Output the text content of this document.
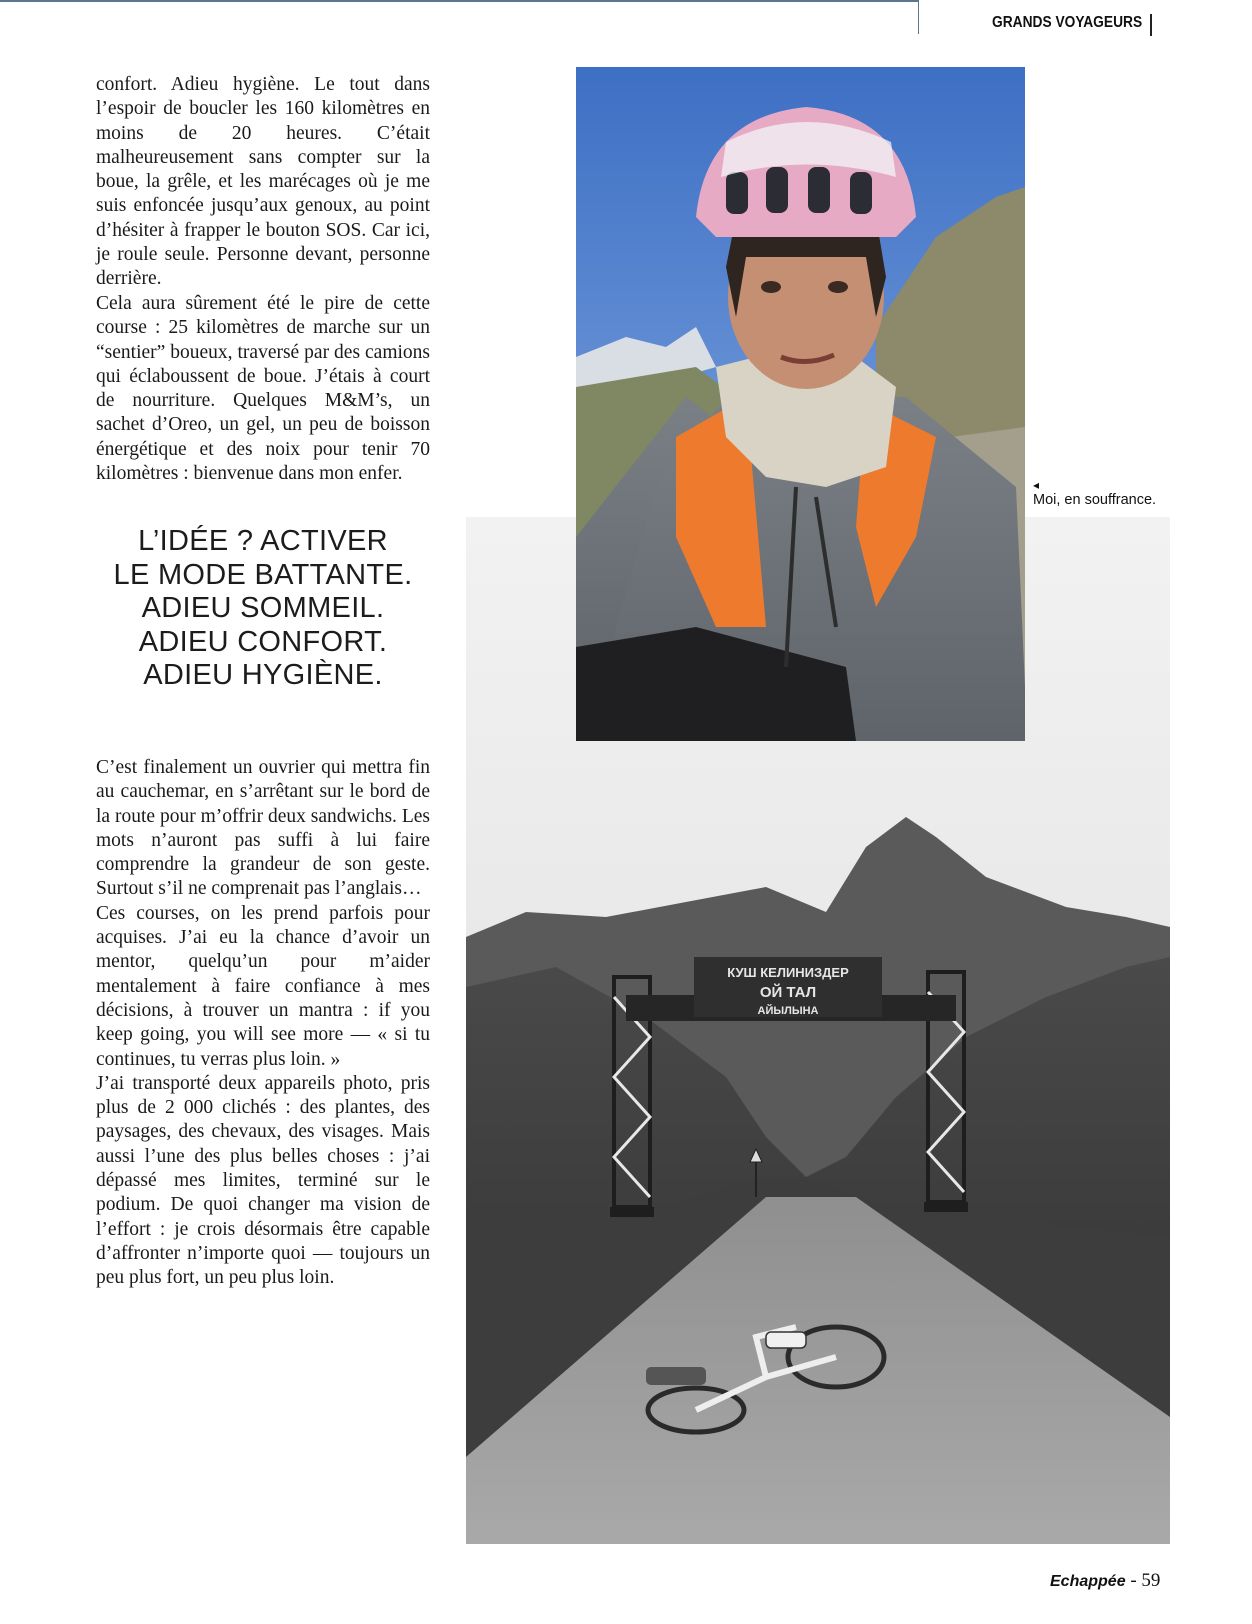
GRANDS VOYAGEURS

confort. Adieu hygiène. Le tout dans l’espoir de boucler les 160 kilomètres en moins de 20 heures. C’était malheureusement sans compter sur la boue, la grêle, et les marécages où je me suis enfoncée jusqu’aux genoux, au point d’hésiter à frapper le bouton SOS. Car ici, je roule seule. Personne devant, personne derrière.

Cela aura sûrement été le pire de cette course : 25 kilomètres de marche sur un “sentier” boueux, traversé par des camions qui éclaboussent de boue. J’étais à court de nourriture. Quelques M&M’s, un sachet d’Oreo, un gel, un peu de boisson énergétique et des noix pour tenir 70 kilomètres : bienvenue dans mon enfer.

L’IDÉE ? ACTIVER
LE MODE BATTANTE.
ADIEU SOMMEIL.
ADIEU CONFORT.
ADIEU HYGIÈNE.

C’est finalement un ouvrier qui mettra fin au cauchemar, en s’arrêtant sur le bord de la route pour m’offrir deux sandwichs. Les mots n’auront pas suffi à lui faire comprendre la grandeur de son geste. Surtout s’il ne comprenait pas l’anglais…

Ces courses, on les prend parfois pour acquises. J’ai eu la chance d’avoir un mentor, quelqu’un pour m’aider mentalement à faire confiance à mes décisions, à trouver un mantra : if you keep going, you will see more — « si tu continues, tu verras plus loin. »

J’ai transporté deux appareils photo, pris plus de 2 000 clichés : des plantes, des paysages, des chevaux, des visages. Mais aussi l’une des plus belles choses : j’ai dépassé mes limites, terminé sur le podium. De quoi changer ma vision de l’effort : je crois désormais être capable d’affronter n’importe quoi — toujours un peu plus fort, un peu plus loin.

КУШ КЕЛИНИЗДЕР
ОЙ ТАЛ
АЙЫЛЫНА
◂
Moi, en souffrance.
Echappée - 59
